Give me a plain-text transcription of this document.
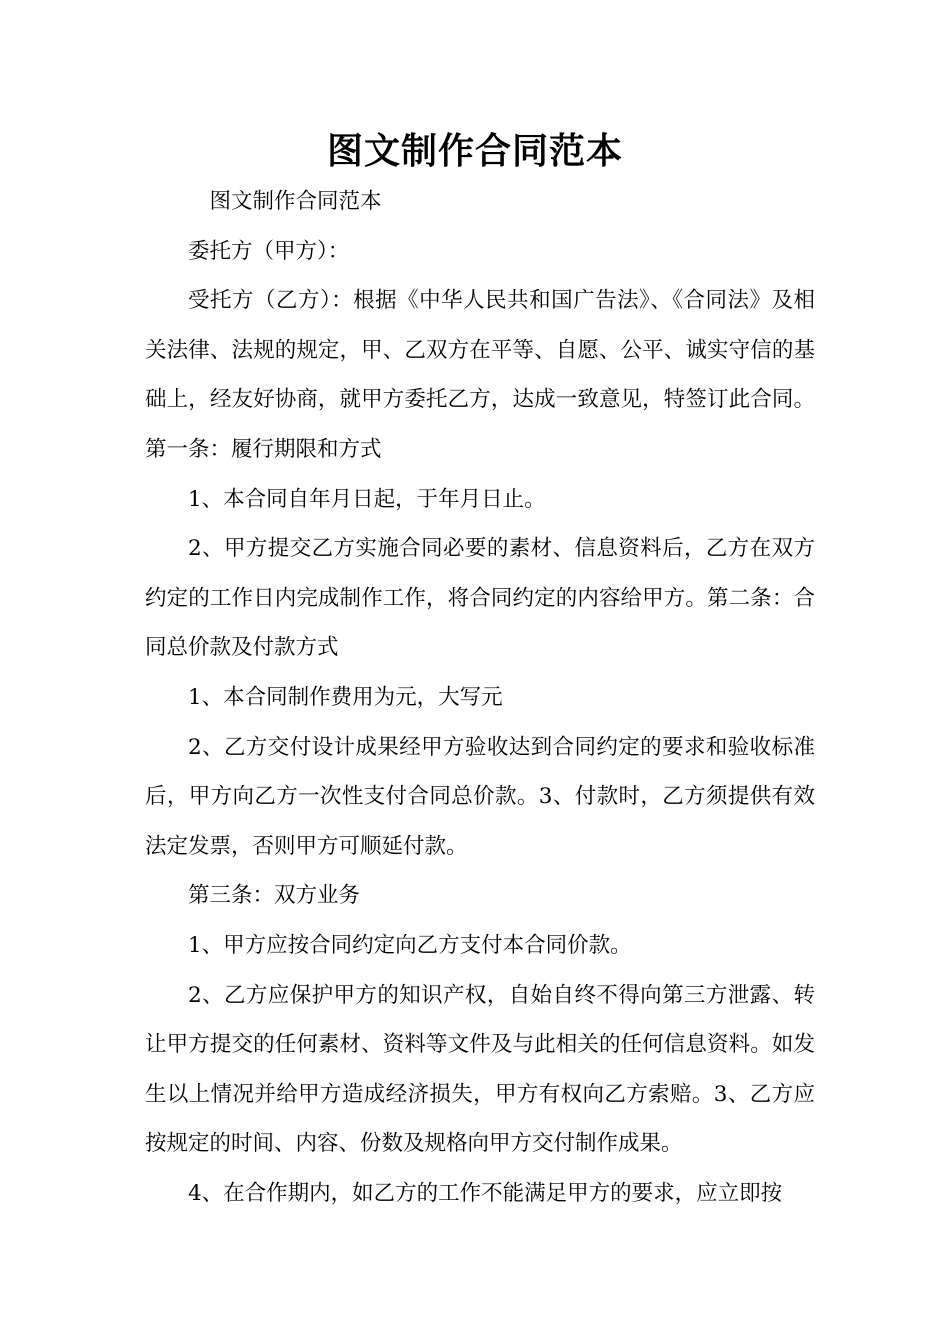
图文制作合同范本

图文制作合同范本

委托方（甲方）：

受托方（乙方）：根据《中华人民共和国广告法》、《合同法》及相关法律、法规的规定，甲、乙双方在平等、自愿、公平、诚实守信的基础上，经友好协商，就甲方委托乙方，达成一致意见，特签订此合同。第一条：履行期限和方式

1、本合同自年月日起，于年月日止。

2、甲方提交乙方实施合同必要的素材、信息资料后，乙方在双方约定的工作日内完成制作工作，将合同约定的内容给甲方。第二条：合同总价款及付款方式

1、本合同制作费用为元，大写元

2、乙方交付设计成果经甲方验收达到合同约定的要求和验收标准后，甲方向乙方一次性支付合同总价款。3、付款时，乙方须提供有效法定发票，否则甲方可顺延付款。

第三条：双方业务

1、甲方应按合同约定向乙方支付本合同价款。

2、乙方应保护甲方的知识产权，自始自终不得向第三方泄露、转让甲方提交的任何素材、资料等文件及与此相关的任何信息资料。如发生以上情况并给甲方造成经济损失，甲方有权向乙方索赔。3、乙方应按规定的时间、内容、份数及规格向甲方交付制作成果。

4、在合作期内，如乙方的工作不能满足甲方的要求，应立即按
